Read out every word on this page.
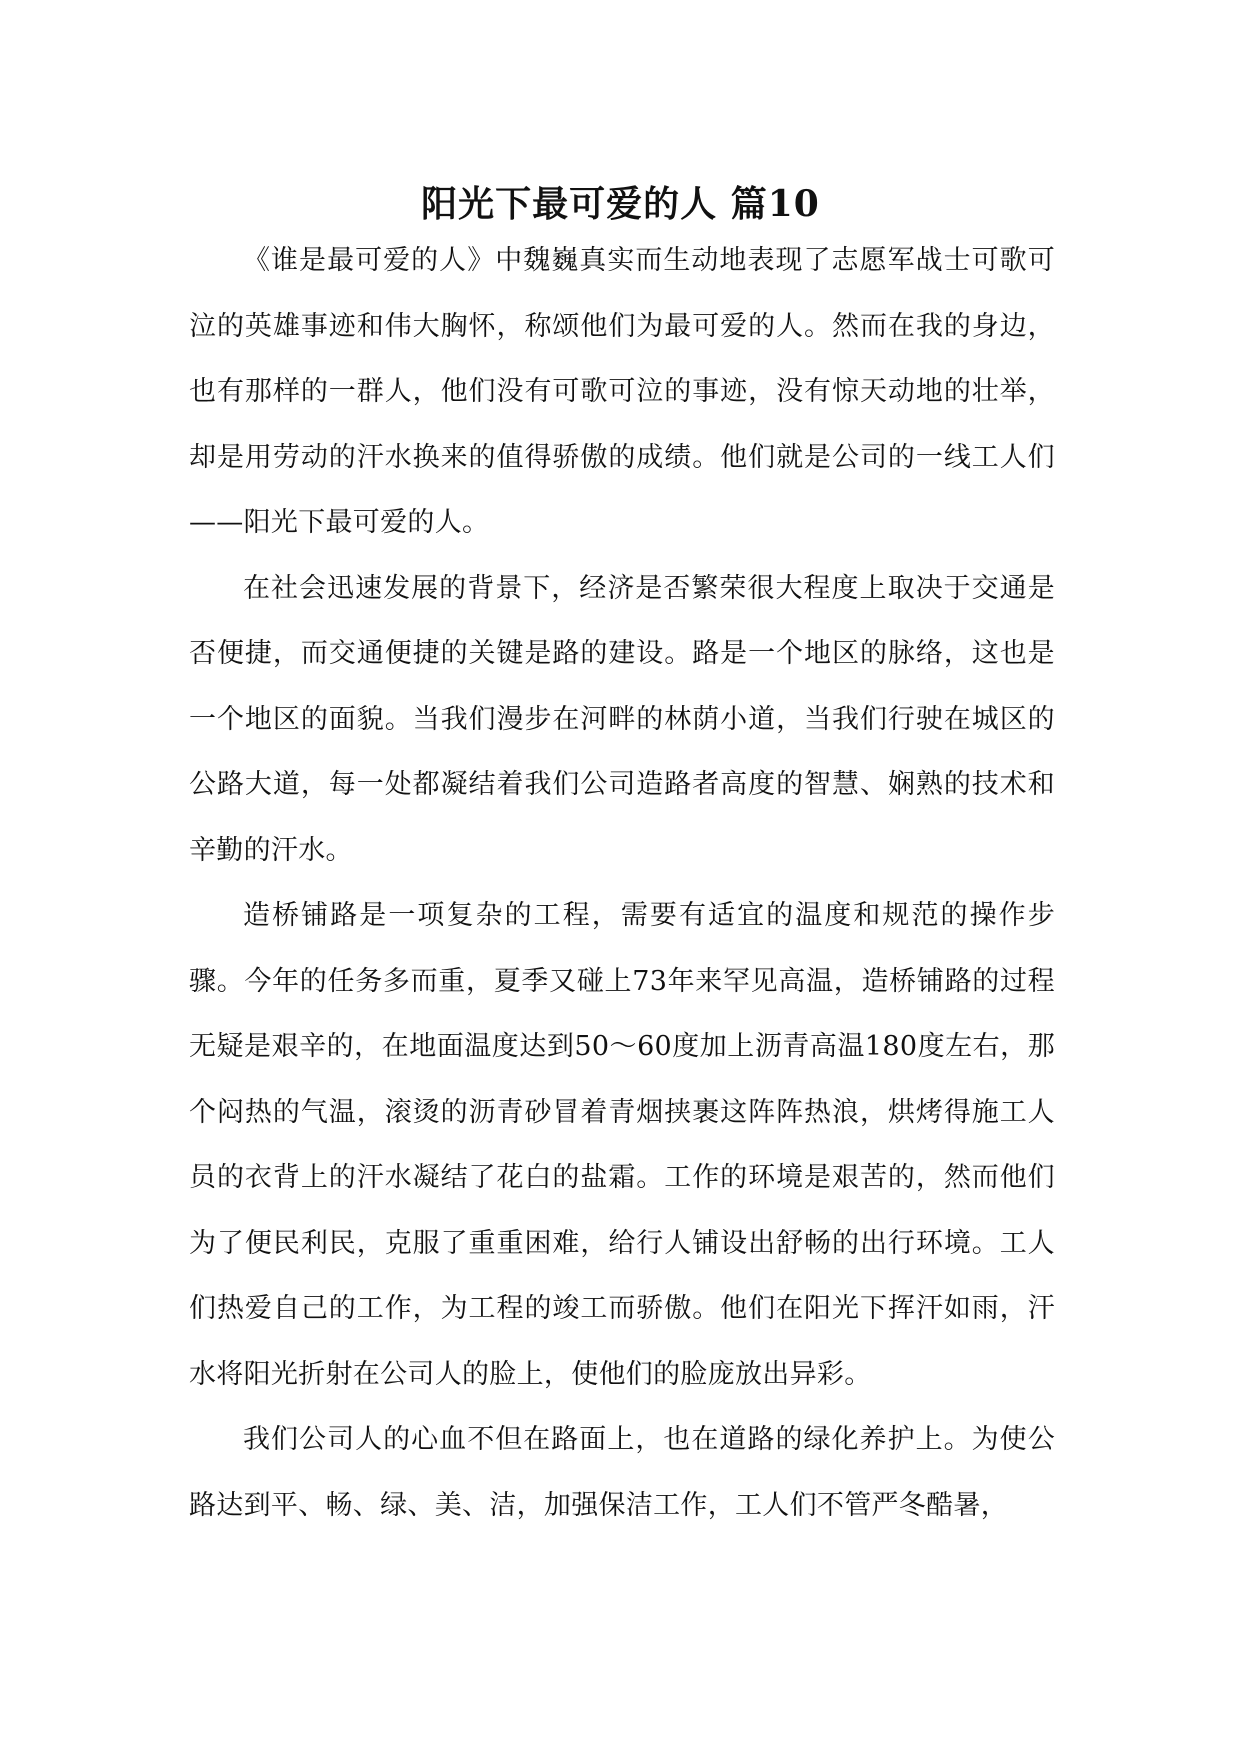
阳光下最可爱的人 篇10

《谁是最可爱的人》中魏巍真实而生动地表现了志愿军战士可歌可泣的英雄事迹和伟大胸怀，称颂他们为最可爱的人。然而在我的身边，也有那样的一群人，他们没有可歌可泣的事迹，没有惊天动地的壮举，却是用劳动的汗水换来的值得骄傲的成绩。他们就是公司的一线工人们——阳光下最可爱的人。

在社会迅速发展的背景下，经济是否繁荣很大程度上取决于交通是否便捷，而交通便捷的关键是路的建设。路是一个地区的脉络，这也是一个地区的面貌。当我们漫步在河畔的林荫小道，当我们行驶在城区的公路大道，每一处都凝结着我们公司造路者高度的智慧、娴熟的技术和辛勤的汗水。

造桥铺路是一项复杂的工程，需要有适宜的温度和规范的操作步骤。今年的任务多而重，夏季又碰上73年来罕见高温，造桥铺路的过程无疑是艰辛的，在地面温度达到50～60度加上沥青高温180度左右，那个闷热的气温，滚烫的沥青砂冒着青烟挟裹这阵阵热浪，烘烤得施工人员的衣背上的汗水凝结了花白的盐霜。工作的环境是艰苦的，然而他们为了便民利民，克服了重重困难，给行人铺设出舒畅的出行环境。工人们热爱自己的工作，为工程的竣工而骄傲。他们在阳光下挥汗如雨，汗水将阳光折射在公司人的脸上，使他们的脸庞放出异彩。

我们公司人的心血不但在路面上，也在道路的绿化养护上。为使公路达到平、畅、绿、美、洁，加强保洁工作，工人们不管严冬酷暑，
